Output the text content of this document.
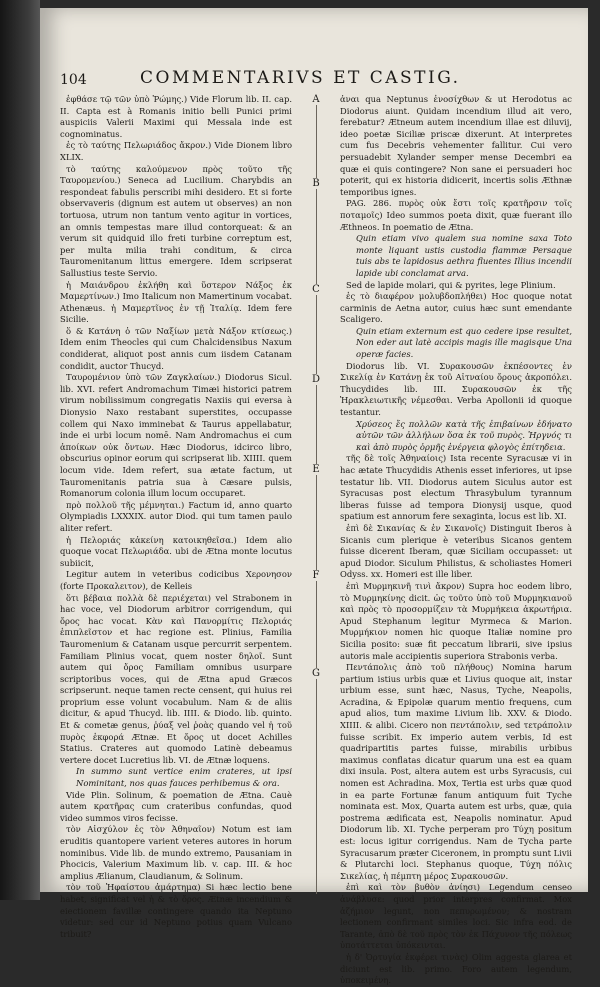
104	COMMENTARIVS ET CASTIG.

ἐφθάσε τῷ τῶν ὑπὸ Ῥώμης.) Vide Florum lib. II. cap. II. Capta est à Romanis initio belli Punici primi auspiciis Valerii Maximi qui Messala inde est cognominatus.

ἐς τὸ ταύτης Πελωριάδος ἄκρον.) Vide Dionem libro XLIX.

τὸ ταύτης καλούμενον πρὸς τοῦτο τῆς Ταυρομενίου.) Seneca ad Lucilium. Charybdis an respondeat fabulis perscribi mihi desidero. Et si forte observaveris (dignum est autem ut observes) an non tortuosa, utrum non tantum vento agitur in vortices, an omnis tempestas mare illud contorqueat: & an verum sit quidquid illo freti turbine correptum est, per multa milia trahi conditum, & circa Tauromenitanum littus emergere. Idem scripserat Sallustius teste Servio.

ἡ Μαιάνδρου ἐκλήθη καὶ ὕστερον Νάξος ἐκ Μαμερτίνων.) Imo Italicum non Mamertinum vocabat. Athenæus. ἡ Μαμερτῖνος ἐν τῇ Ἰταλίᾳ. Idem fere Sicilie.

ὅ & Κατάνη ὁ τῶν Ναξίων μετὰ Νάξον κτίσεως.) Idem enim Theocles qui cum Chalcidensibus Naxum condiderat, aliquot post annis cum iisdem Catanam condidit, auctor Thucyd.

Ταυρομένιον ὑπὸ τῶν Ζαγκλαίων.) Diodorus Sicul. lib. XVI. refert Andromachum Timæi historici patrem virum nobilissimum congregatis Naxiis qui eversa à Dionysio Naxo restabant superstites, occupasse collem qui Naxo imminebat & Taurus appellabatur, inde ei urbi locum nomē. Nam Andromachus ei cum ἀποίκων οὐκ ὄντων. Hæc Diodorus, idcirco libro, obscurius opinor eorum qui scripserat lib. XIIII. quem locum vide. Idem refert, sua ætate factum, ut Tauromenitanis patria sua à Cæsare pulsis, Romanorum colonia illum locum occuparet.

πρὸ πολλοῦ τῆς μέμνηται.) Factum id, anno quarto Olympiadis LXXXIX. autor Diod. qui tum tamen paulo aliter refert.

ἡ Πελοριάς κἀκείνη κατοικηθεῖσα.) Idem alio quoque vocat Πελωριάδα. ubi de Ætna monte locutus subiicit,

Legitur autem in veteribus codicibus Χερονησον (forte Προκαλειτον), de Kelleis

ὅτι βέβαια πολλὰ δὲ περιέχεται) vel Strabonem in hac voce, vel Diodorum arbitror corrigendum, qui ὄρος hac vocat. Κὰν καὶ Πανορμίτις Πελοριάς ἐπιπλεῖστον et hac regione est. Plinius, Familia Tauromenium & Catanam usque percurrit serpentem. Familiam Plinius vocat, quem noster δηλοῖ. Sunt autem qui ὄρος Familiam omnibus usurpare scriptoribus voces, qui de Ætna apud Græcos scripserunt. neque tamen recte censent, qui huius rei proprium esse volunt vocabulum. Nam & de aliis dicitur, & apud Thucyd. lib. IIII. & Diodo. lib. quinto. Et & cometæ genus, ῥύαξ vel ῥοὰς quando vel ἡ τοῦ πυρὸς ἐκφορά Ætnæ. Et ὄρος ut docet Achilles Statius. Crateres aut quomodo Latinè debeamus vertere docet Lucretius lib. VI. de Ætnæ loquens.

In summo sunt vertice enim crateres, ut ipsi Nominitant, nos quas fauces perhibemus & ora.

Vide Plin. Solinum, & poemation de Ætna. Cauè autem κρατῆρας cum crateribus confundas, quod video summos viros fecisse.

τὸν Αἰσχύλον ἐς τὸν Ἀθηναῖον) Notum est iam eruditis quantopere varient veteres autores in horum nominibus. Vide lib. de mundo extremo, Pausaniam in Phocicis, Valerium Maximum lib. v. cap. III. & hoc amplius Ælianum, Claudianum, & Solinum.

τὸν τοῦ Ἡφαίστου ἀμάρτημα) Si hæc lectio bene habet, significat vel ἡ & τὸ ὄρος. Ætnæ incendium & eiectionem favillæ contingere quando ita Neptuno videtur: sed cur id Neptuno potius quam Vulcano tribuit?

A
B
C
D
E
F
G

ἀναι qua Neptunus ἐνοσίχθων & ut Herodotus ac Diodorus aiunt. Quidam incendium illud ait vero, ferebatur? Ætneum autem incendium illae est diluvij, ideo poetæ Siciliæ priscæ dixerunt. At interpretes cum fus Decebris vehementer fallitur. Cui vero persuadebit Xylander semper mense Decembri ea quæ ei quis contingere? Non sane ei persuaderi hoc poterit, qui ex historia didicerit, incertis solis Æthnæ temporibus ignes.

PAG. 286. πυρὸς οὐκ ἔστι τοῖς κρατῆρσιν τοῖς ποταμοῖς) Ideo summos poeta dixit, quæ fuerant illo Æthneos. In poematio de Ætna.

Quin etiam vivo qualem sua nomine saxa Toto monte liquant ustis custodia flammæ Persaque tuis abs te lapidosus aethra fluentes Illius incendii lapide ubi conclamat arva.

Sed de lapide molari, qui & pyrites, lege Plinium.

ἐς τὸ διαφέρον μολυβδοπλήθει) Hoc quoque notat carminis de Aetna autor, cuius hæc sunt emendante Scaligero.

Quin etiam externum est quo cedere ipse resultet, Non eder aut latè accipis magis ille magisque Una operæ facies.

Diodorus lib. VI. Συρακουσῶν ἐκπέσοντες ἐν Σικελίᾳ ἐν Κατάνῃ ἐκ τοῦ Αἰτναίου ὄρους ἀκροπόλει. Thucydides lib. III. Συρακουσῶν ἐκ τῆς Ἡρακλειωτικῆς νέμεσθαι. Verba Apollonii id quoque testantur.

Χρύσεος ἔς πολλῶν κατὰ τῆς ἐπιβαίνων ἐδήνατο αὐτῶν τῶν ἀλλήλων ὅσα ἐκ τοῦ πυρὸς. Ἠργνός τι καὶ ἀπὸ πυρὸς ὁρμῆς ἐνέργεια φλογὸς ἐπίτηδεια.

τῆς δὲ τοῖς Ἀθηναίοις) Ista recente Syracusæ vi in hac ætate Thucydidis Athenis esset inferiores, ut ipse testatur lib. VII. Diodorus autem Siculus autor est Syracusas post electum Thrasybulum tyrannum liberas fuisse ad tempora Dionysij usque, quod spatium est annorum fere sexaginta, locus est lib. XI.

ἐπὶ δὲ Σικανίας & ἐν Σικανοῖς) Distinguit Iberos à Sicanis cum plerique è veteribus Sicanos gentem fuisse dicerent Iberam, quæ Siciliam occupasset: ut apud Diodor. Siculum Philistus, & scholiastes Homeri Odyss. xx. Homeri est ille liber.

ἐπὶ Μυρμηκινῆ τινὶ ἄκρον) Supra hoc eodem libro, τὸ Μυρμηκίνης dicit. ὡς τοῦτο ὑπὸ τοῦ Μυρμηκιανοῦ καὶ πρὸς τὸ προσορμίζειν τὰ Μυρμήκεια ἀκρωτήρια. Apud Stephanum legitur Myrmeca & Marion. Μυρμήκιον nomen hic quoque Italiæ nomine pro Sicilia posito: suæ fit peccatum librarii, sive ipsius autoris male accipientis superiora Strabonis verba.

Πεντάπολις ἀπὸ τοῦ πλήθους) Nomina harum partium istius urbis quæ et Livius quoque ait, instar urbium esse, sunt hæc, Nasus, Tyche, Neapolis, Acradina, & Epipolæ quarum mentio frequens, cum apud alios, tum maxime Livium lib. XXV. & Diodo. XIIII. & alibi. Cicero non πεντάπολιν, sed τετράπολιν fuisse scribit. Ex imperio autem verbis, Id est quadripartitis partes fuisse, mirabilis urbibus maximus conflatas dicatur quarum una est ea quam dixi insula. Post, altera autem est urbs Syracusis, cui nomen est Achradina. Mox, Tertia est urbs quæ quod in ea parte Fortunæ fanum antiquum fuit Tyche nominata est. Mox, Quarta autem est urbs, quæ, quia postrema ædificata est, Neapolis nominatur. Apud Diodorum lib. XI. Tyche perperam pro Τύχη positum est: locus igitur corrigendus. Nam de Tycha parte Syracusarum præter Ciceronem, in promptu sunt Livii & Plutarchi loci. Stephanus quoque, Τύχη πόλις Σικελίας, ἡ πέμπτη μέρος Συρακουσῶν.

ἐπὶ καὶ τὸν βυθὸν ἀνίησι) Legendum censeo ἀνάβλυσε: quod prior interpres confirmat. Mox ἀζήμιον legunt, non πεπυρωμένον; & nostram lectionem confirmant similes loci. Sic infra eod. de Tarante, ἀπὸ δὲ τοῦ πρὸς τὸν ἐκ Πάχυνον τῆς πόλεως ὑποτάττεται ὑπόκεινται.

ἡ δ' Ὀρτυγία ἐκφέρει τινὰς) Olim aggesta glarea et diciunt est lib. primo. Foro autem legendum, ὑποκειμένη.
